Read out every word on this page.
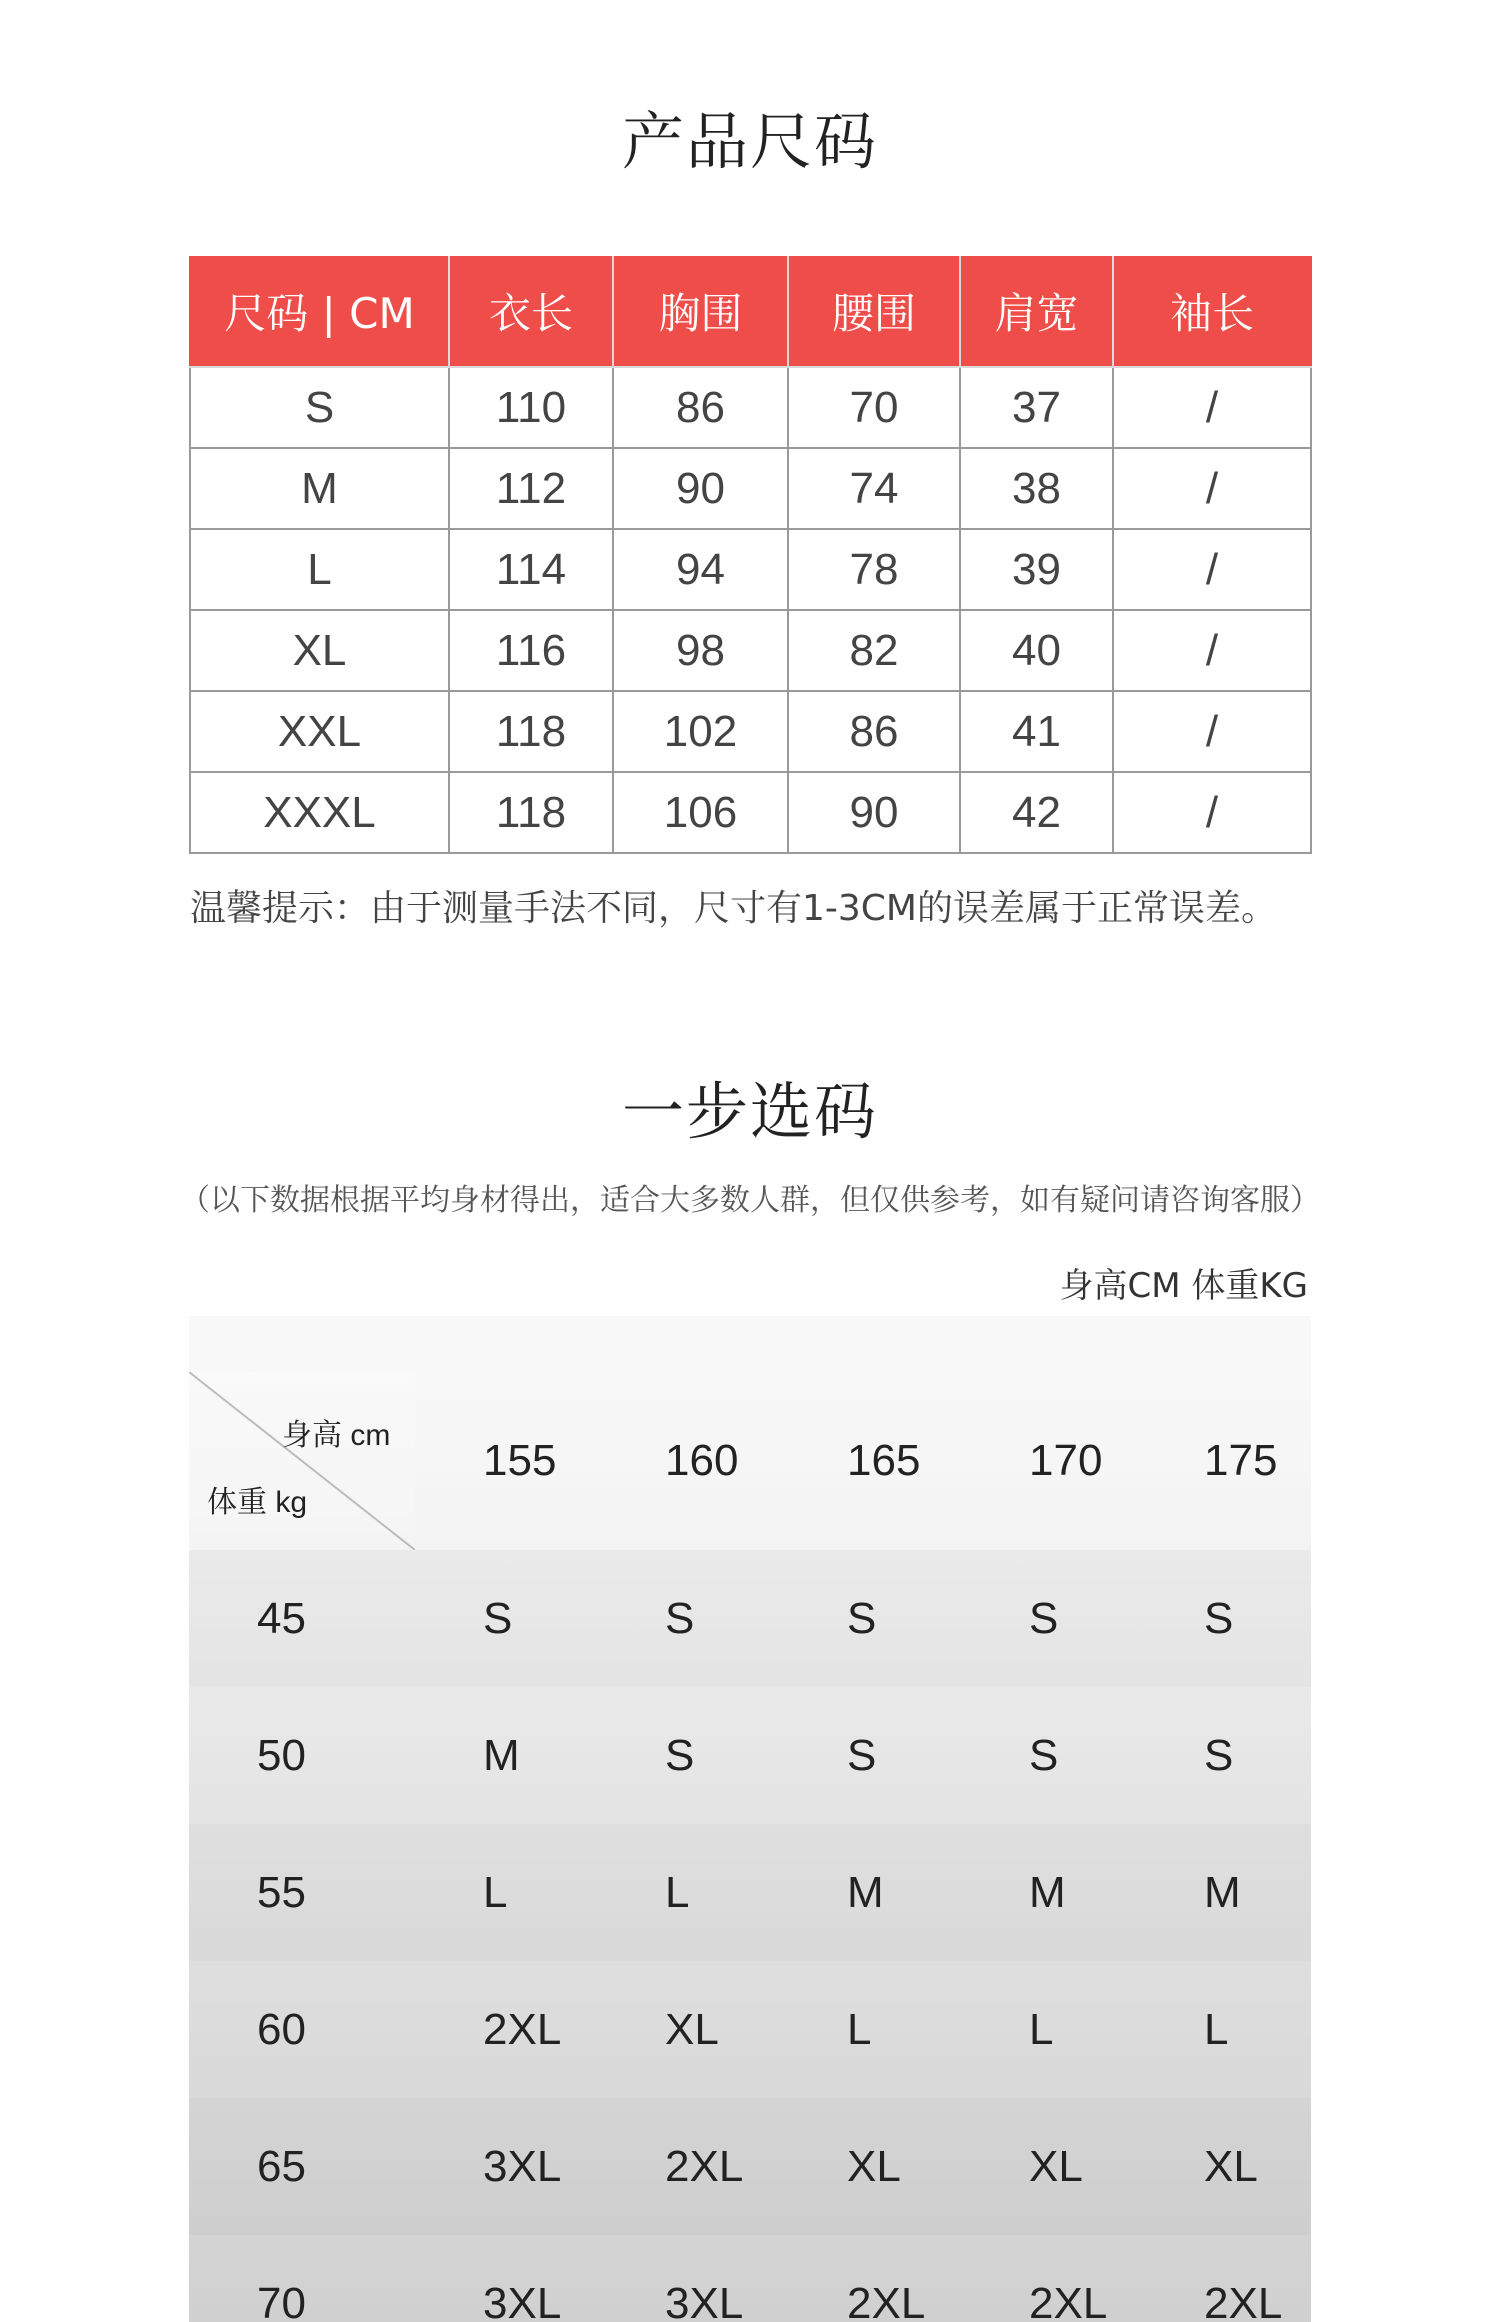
产品尺码
尺码 | CM	衣长	胸围	腰围	肩宽	袖长
S	110	86	70	37	/
M	112	90	74	38	/
L	114	94	78	39	/
XL	116	98	82	40	/
XXL	118	102	86	41	/
XXXL	118	106	90	42	/
温馨提示：由于测量手法不同，尺寸有1-3CM的误差属于正常误差。
一步选码
（以下数据根据平均身材得出，适合大多数人群，但仅供参考，如有疑问请咨询客服）
身高CM 体重KG
身高 cm
体重 kg	155	160	165	170	175
45	S	S	S	S	S
50	M	S	S	S	S
55	L	L	M	M	M
60	2XL	XL	L	L	L
65	3XL	2XL	XL	XL	XL
70	3XL	3XL	2XL	2XL	2XL
